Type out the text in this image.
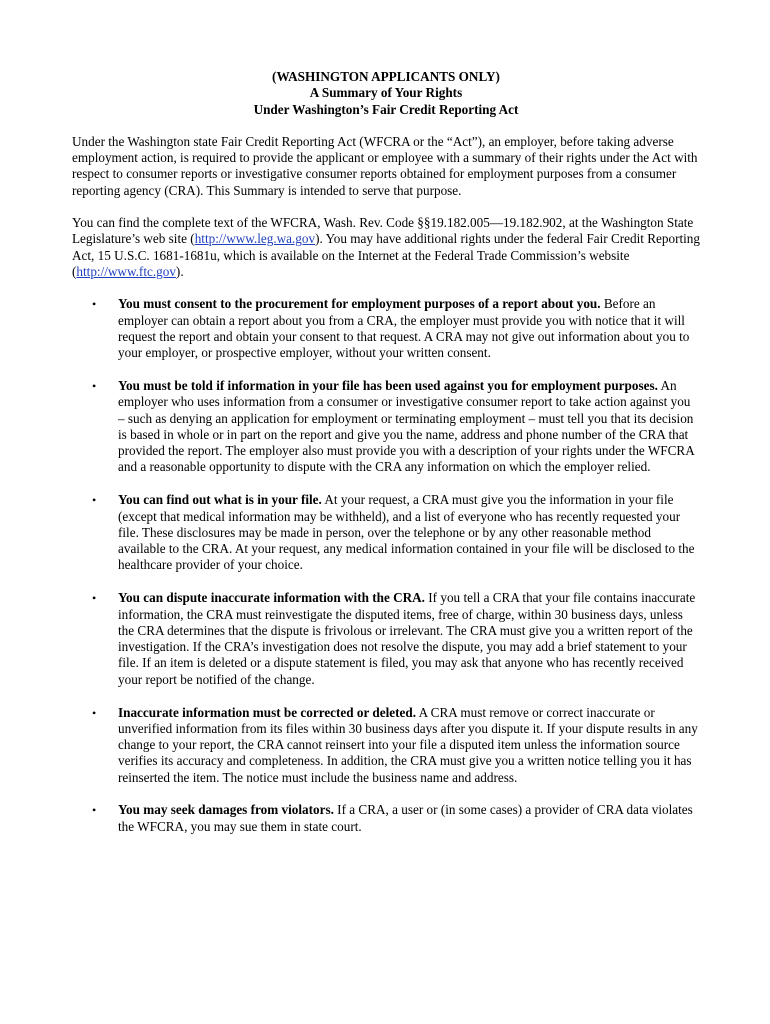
(WASHINGTON APPLICANTS ONLY)
A Summary of Your Rights
Under Washington’s Fair Credit Reporting Act

Under the Washington state Fair Credit Reporting Act (WFCRA or the “Act”), an employer, before taking adverse employment action, is required to provide the applicant or employee with a summary of their rights under the Act with respect to consumer reports or investigative consumer reports obtained for employment purposes from a consumer reporting agency (CRA). This Summary is intended to serve that purpose.

You can find the complete text of the WFCRA, Wash. Rev. Code §§19.182.005—19.182.902, at the Washington State Legislature’s web site (http://www.leg.wa.gov). You may have additional rights under the federal Fair Credit Reporting Act, 15 U.S.C. 1681-1681u, which is available on the Internet at the Federal Trade Commission’s website (http://www.ftc.gov).

• You must consent to the procurement for employment purposes of a report about you. Before an employer can obtain a report about you from a CRA, the employer must provide you with notice that it will request the report and obtain your consent to that request. A CRA may not give out information about you to your employer, or prospective employer, without your written consent.
• You must be told if information in your file has been used against you for employment purposes. An employer who uses information from a consumer or investigative consumer report to take action against you – such as denying an application for employment or terminating employment – must tell you that its decision is based in whole or in part on the report and give you the name, address and phone number of the CRA that provided the report. The employer also must provide you with a description of your rights under the WFCRA and a reasonable opportunity to dispute with the CRA any information on which the employer relied.
• You can find out what is in your file. At your request, a CRA must give you the information in your file (except that medical information may be withheld), and a list of everyone who has recently requested your file. These disclosures may be made in person, over the telephone or by any other reasonable method available to the CRA. At your request, any medical information contained in your file will be disclosed to the healthcare provider of your choice.
• You can dispute inaccurate information with the CRA. If you tell a CRA that your file contains inaccurate information, the CRA must reinvestigate the disputed items, free of charge, within 30 business days, unless the CRA determines that the dispute is frivolous or irrelevant. The CRA must give you a written report of the investigation. If the CRA’s investigation does not resolve the dispute, you may add a brief statement to your file. If an item is deleted or a dispute statement is filed, you may ask that anyone who has recently received your report be notified of the change.
• Inaccurate information must be corrected or deleted. A CRA must remove or correct inaccurate or unverified information from its files within 30 business days after you dispute it. If your dispute results in any change to your report, the CRA cannot reinsert into your file a disputed item unless the information source verifies its accuracy and completeness. In addition, the CRA must give you a written notice telling you it has reinserted the item. The notice must include the business name and address.
• You may seek damages from violators. If a CRA, a user or (in some cases) a provider of CRA data violates the WFCRA, you may sue them in state court.
